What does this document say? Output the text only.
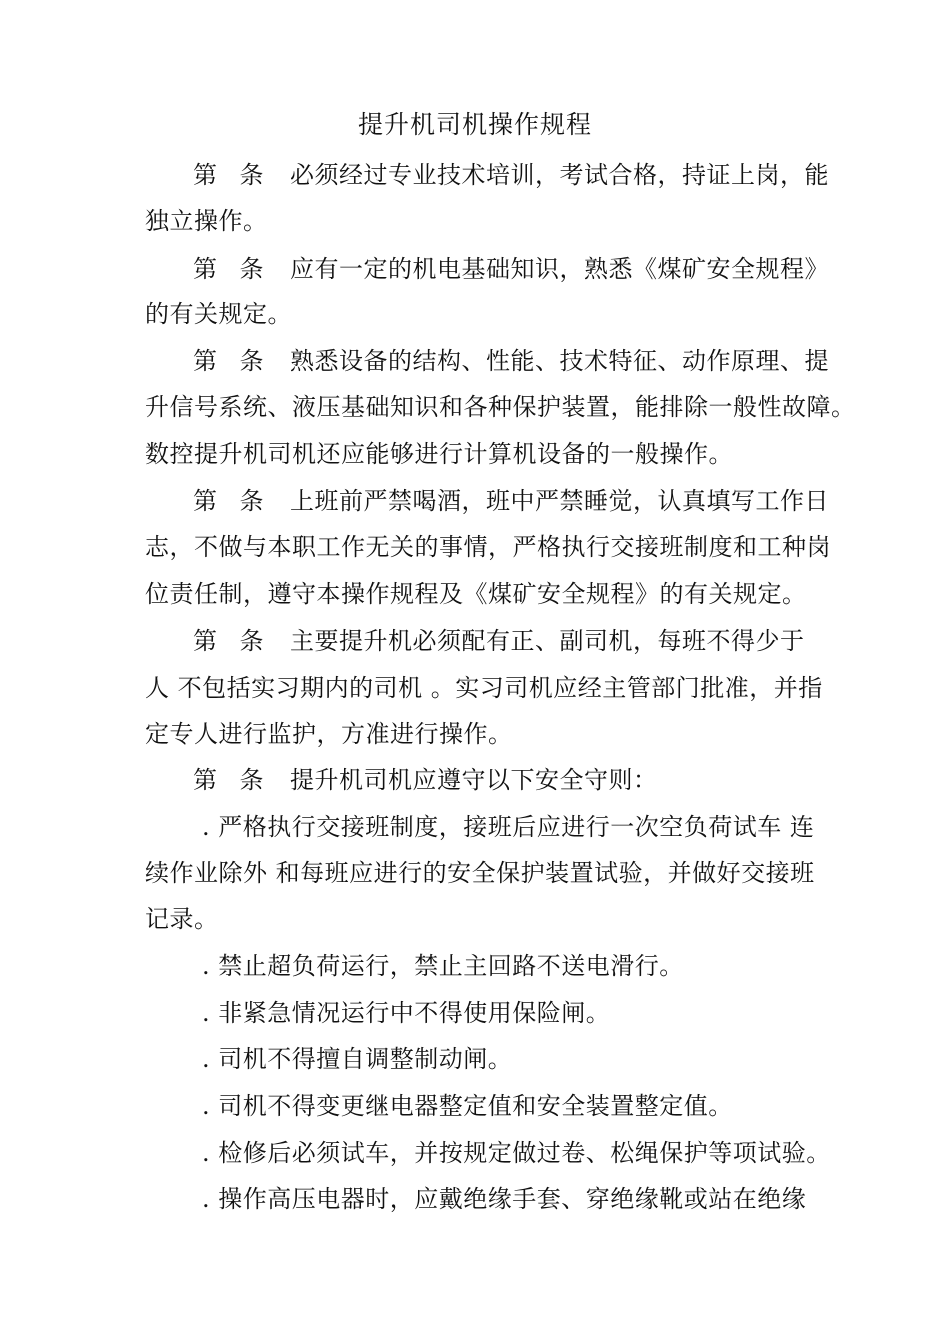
提升机司机操作规程
第 条 必须经过专业技术培训，考试合格，持证上岗，能
独立操作。
第 条 应有一定的机电基础知识，熟悉《煤矿安全规程》
的有关规定。
第 条 熟悉设备的结构、性能、技术特征、动作原理、提
升信号系统、液压基础知识和各种保护装置，能排除一般性故障。
数控提升机司机还应能够进行计算机设备的一般操作。
第 条 上班前严禁喝酒，班中严禁睡觉，认真填写工作日
志，不做与本职工作无关的事情，严格执行交接班制度和工种岗
位责任制，遵守本操作规程及《煤矿安全规程》的有关规定。
第 条 主要提升机必须配有正、副司机，每班不得少于
人 不包括实习期内的司机 。实习司机应经主管部门批准，并指
定专人进行监护，方准进行操作。
第 条 提升机司机应遵守以下安全守则：
. 严格执行交接班制度，接班后应进行一次空负荷试车 连
续作业除外 和每班应进行的安全保护装置试验，并做好交接班
记录。
. 禁止超负荷运行，禁止主回路不送电滑行。
. 非紧急情况运行中不得使用保险闸。
. 司机不得擅自调整制动闸。
. 司机不得变更继电器整定值和安全装置整定值。
. 检修后必须试车，并按规定做过卷、松绳保护等项试验。
. 操作高压电器时，应戴绝缘手套、穿绝缘靴或站在绝缘
